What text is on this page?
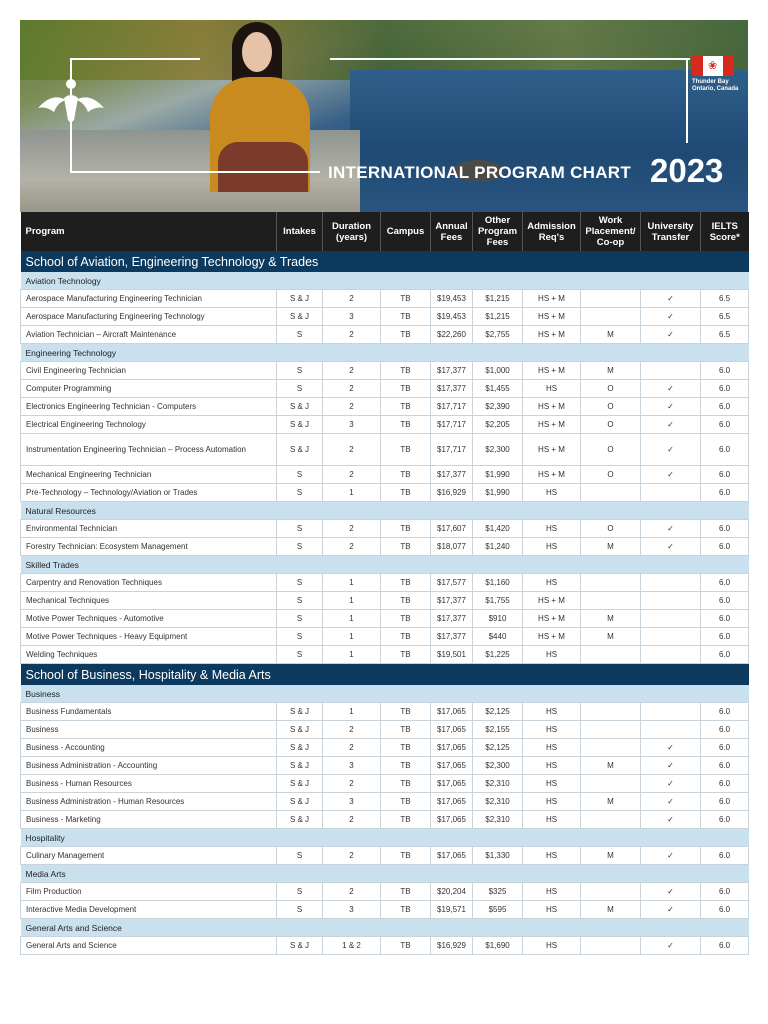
❀
Thunder Bay
Ontario, Canada
INTERNATIONAL PROGRAM CHART 2023
Program	Intakes	Duration (years)	Campus	Annual Fees	Other Program Fees	Admission Req's	Work Placement/ Co-op	University Transfer	IELTS Score*
School of Aviation, Engineering Technology & Trades									
Aviation Technology									
Aerospace Manufacturing Engineering Technician	S & J	2	TB	$19,453	$1,215	HS + M		✓	6.5
Aerospace Manufacturing Engineering Technology	S & J	3	TB	$19,453	$1,215	HS + M		✓	6.5
Aviation Technician – Aircraft Maintenance	S	2	TB	$22,260	$2,755	HS + M	M	✓	6.5
Engineering Technology									
Civil Engineering Technician	S	2	TB	$17,377	$1,000	HS + M	M		6.0
Computer Programming	S	2	TB	$17,377	$1,455	HS	O	✓	6.0
Electronics Engineering Technician - Computers	S & J	2	TB	$17,717	$2,390	HS + M	O	✓	6.0
Electrical Engineering Technology	S & J	3	TB	$17,717	$2,205	HS + M	O	✓	6.0
Instrumentation Engineering Technician – Process Automation	S & J	2	TB	$17,717	$2,300	HS + M	O	✓	6.0
Mechanical Engineering Technician	S	2	TB	$17,377	$1,990	HS + M	O	✓	6.0
Pre-Technology – Technology/Aviation or Trades	S	1	TB	$16,929	$1,990	HS			6.0
Natural Resources									
Environmental Technician	S	2	TB	$17,607	$1,420	HS	O	✓	6.0
Forestry Technician: Ecosystem Management	S	2	TB	$18,077	$1,240	HS	M	✓	6.0
Skilled Trades									
Carpentry and Renovation Techniques	S	1	TB	$17,577	$1,160	HS			6.0
Mechanical Techniques	S	1	TB	$17,377	$1,755	HS + M			6.0
Motive Power Techniques - Automotive	S	1	TB	$17,377	$910	HS + M	M		6.0
Motive Power Techniques - Heavy Equipment	S	1	TB	$17,377	$440	HS + M	M		6.0
Welding Techniques	S	1	TB	$19,501	$1,225	HS			6.0
School of Business, Hospitality & Media Arts									
Business									
Business Fundamentals	S & J	1	TB	$17,065	$2,125	HS			6.0
Business	S & J	2	TB	$17,065	$2,155	HS			6.0
Business - Accounting	S & J	2	TB	$17,065	$2,125	HS		✓	6.0
Business Administration - Accounting	S & J	3	TB	$17,065	$2,300	HS	M	✓	6.0
Business - Human Resources	S & J	2	TB	$17,065	$2,310	HS		✓	6.0
Business Administration - Human Resources	S & J	3	TB	$17,065	$2,310	HS	M	✓	6.0
Business - Marketing	S & J	2	TB	$17,065	$2,310	HS		✓	6.0
Hospitality									
Culinary Management	S	2	TB	$17,065	$1,330	HS	M	✓	6.0
Media Arts									
Film Production	S	2	TB	$20,204	$325	HS		✓	6.0
Interactive Media Development	S	3	TB	$19,571	$595	HS	M	✓	6.0
General Arts and Science									
General Arts and Science	S & J	1 & 2	TB	$16,929	$1,690	HS		✓	6.0
